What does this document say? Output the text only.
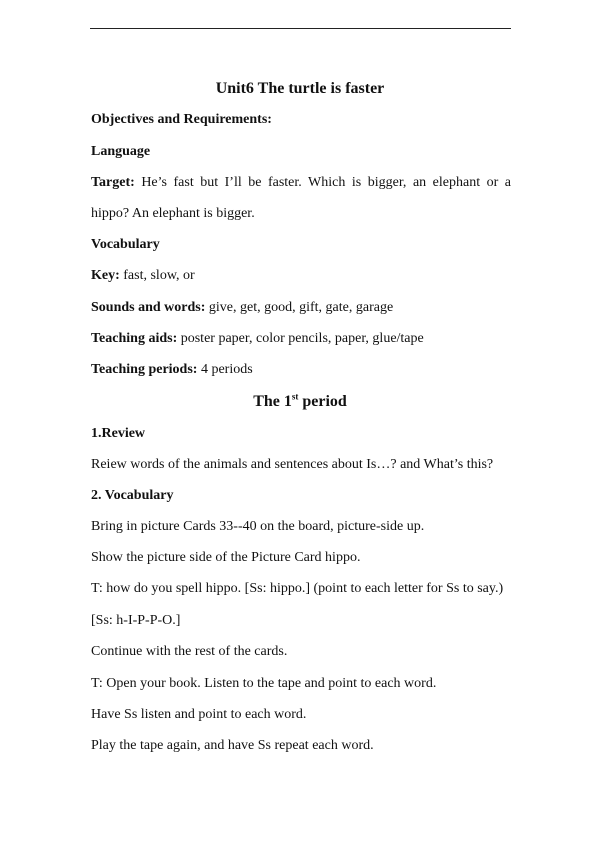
Unit6 The turtle is faster
Objectives and Requirements:
Language
Target: He’s fast but I’ll be faster. Which is bigger, an elephant or a
hippo? An elephant is bigger.
Vocabulary
Key: fast, slow, or
Sounds and words: give, get, good, gift, gate, garage
Teaching aids: poster paper, color pencils, paper, glue/tape
Teaching periods: 4 periods
The 1st period
1.Review
Reiew words of the animals and sentences about Is…? and What’s this?
2. Vocabulary
Bring in picture Cards 33--40 on the board, picture-side up.
Show the picture side of the Picture Card hippo.
T: how do you spell hippo. [Ss: hippo.] (point to each letter for Ss to say.)
[Ss: h-I-P-P-O.]
Continue with the rest of the cards.
T: Open your book. Listen to the tape and point to each word.
Have Ss listen and point to each word.
Play the tape again, and have Ss repeat each word.
